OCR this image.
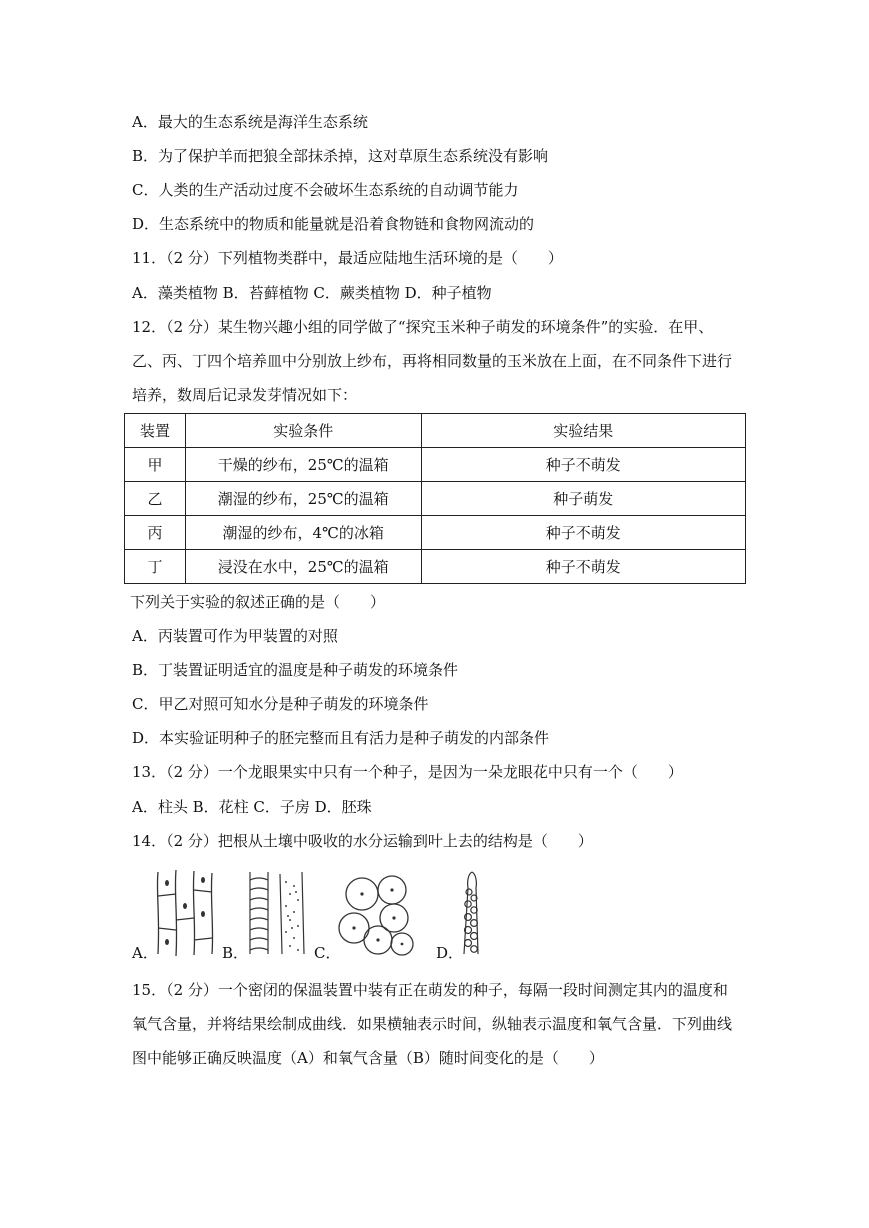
A．最大的生态系统是海洋生态系统
B．为了保护羊而把狼全部抹杀掉，这对草原生态系统没有影响
C．人类的生产活动过度不会破坏生态系统的自动调节能力
D．生态系统中的物质和能量就是沿着食物链和食物网流动的
11．（2 分）下列植物类群中，最适应陆地生活环境的是（　　）
A．藻类植物 B．苔藓植物 C．蕨类植物 D．种子植物
12．（2 分）某生物兴趣小组的同学做了“探究玉米种子萌发的环境条件”的实验．在甲、
乙、丙、丁四个培养皿中分别放上纱布，再将相同数量的玉米放在上面，在不同条件下进行
培养，数周后记录发芽情况如下：
装置	实验条件	实验结果
甲	干燥的纱布，25℃的温箱	种子不萌发
乙	潮湿的纱布，25℃的温箱	种子萌发
丙	潮湿的纱布，4℃的冰箱	种子不萌发
丁	浸没在水中，25℃的温箱	种子不萌发
下列关于实验的叙述正确的是（　　）
A．丙装置可作为甲装置的对照
B．丁装置证明适宜的温度是种子萌发的环境条件
C．甲乙对照可知水分是种子萌发的环境条件
D．本实验证明种子的胚完整而且有活力是种子萌发的内部条件
13．（2 分）一个龙眼果实中只有一个种子，是因为一朵龙眼花中只有一个（　　）
A．柱头 B．花柱 C．子房 D．胚珠
14．（2 分）把根从土壤中吸收的水分运输到叶上去的结构是（　　）
A．	B．	C．	D．
15．（2 分）一个密闭的保温装置中装有正在萌发的种子，每隔一段时间测定其内的温度和
氧气含量，并将结果绘制成曲线．如果横轴表示时间，纵轴表示温度和氧气含量．下列曲线
图中能够正确反映温度（A）和氧气含量（B）随时间变化的是（　　）
